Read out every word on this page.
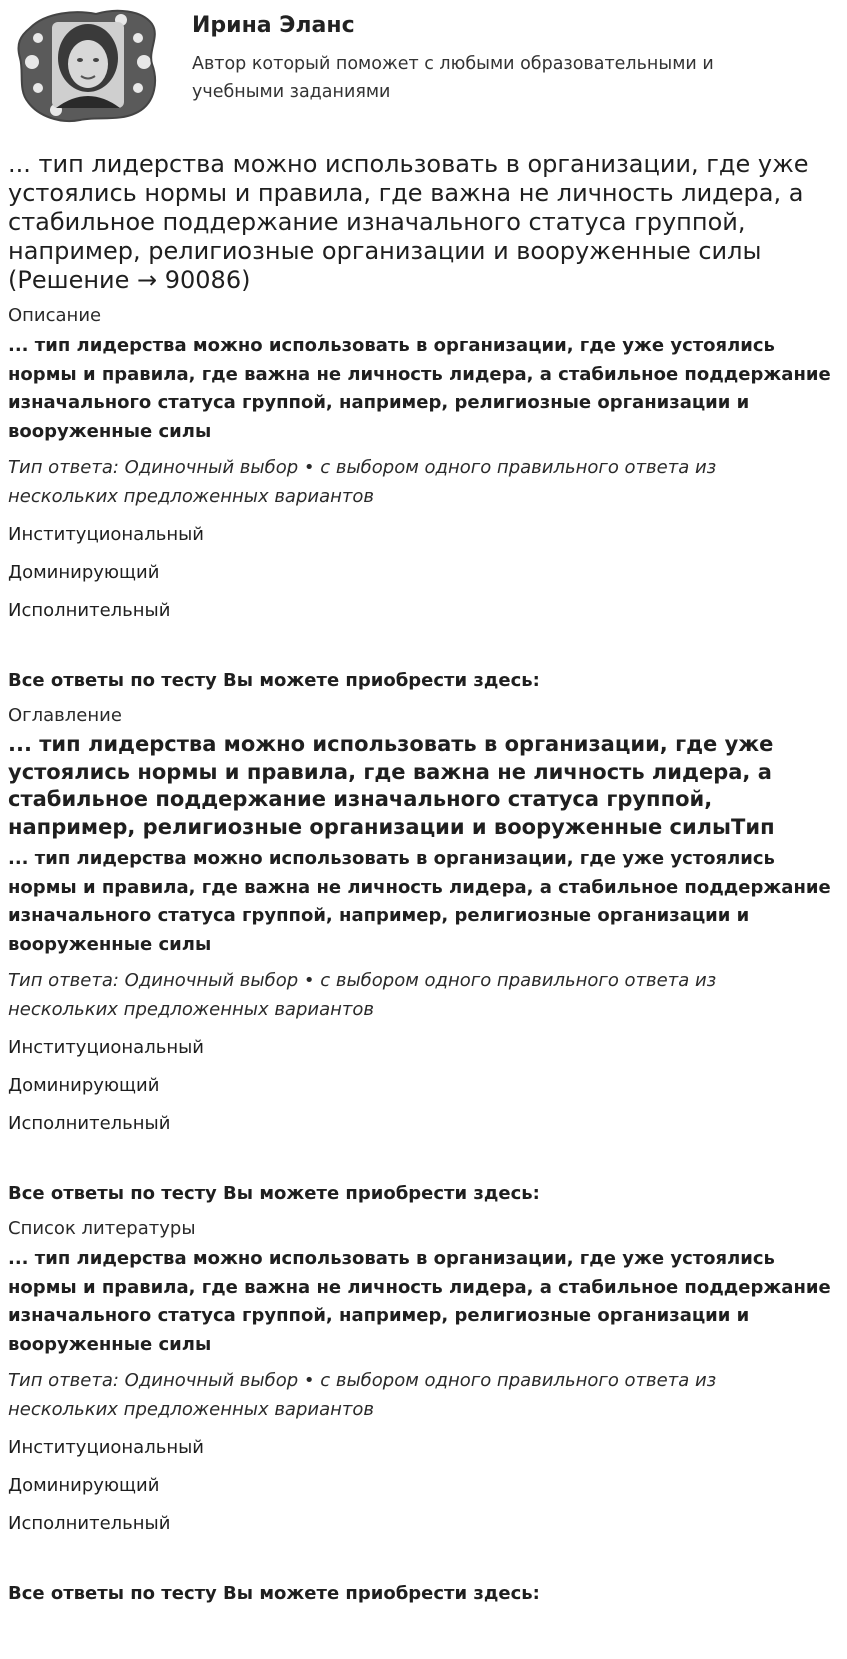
Ирина Эланс
Автор который поможет с любыми образовательными и учебными заданиями
... тип лидерства можно использовать в организации, где уже устоялись нормы и правила, где важна не личность лидера, а стабильное поддержание изначального статуса группой, например, религиозные организации и вооруженные силы (Решение → 90086)
Описание
... тип лидерства можно использовать в организации, где уже устоялись нормы и правила, где важна не личность лидера, а стабильное поддержание изначального статуса группой, например, религиозные организации и вооруженные силы
Тип ответа: Одиночный выбор • с выбором одного правильного ответа из нескольких предложенных вариантов
Институциональный
Доминирующий
Исполнительный
Все ответы по тесту Вы можете приобрести здесь:
Оглавление
... тип лидерства можно использовать в организации, где уже устоялись нормы и правила, где важна не личность лидера, а стабильное поддержание изначального статуса группой, например, религиозные организации и вооруженные силыТип
... тип лидерства можно использовать в организации, где уже устоялись нормы и правила, где важна не личность лидера, а стабильное поддержание изначального статуса группой, например, религиозные организации и вооруженные силы
Тип ответа: Одиночный выбор • с выбором одного правильного ответа из нескольких предложенных вариантов
Институциональный
Доминирующий
Исполнительный
Все ответы по тесту Вы можете приобрести здесь:
Список литературы
... тип лидерства можно использовать в организации, где уже устоялись нормы и правила, где важна не личность лидера, а стабильное поддержание изначального статуса группой, например, религиозные организации и вооруженные силы
Тип ответа: Одиночный выбор • с выбором одного правильного ответа из нескольких предложенных вариантов
Институциональный
Доминирующий
Исполнительный
Все ответы по тесту Вы можете приобрести здесь:
